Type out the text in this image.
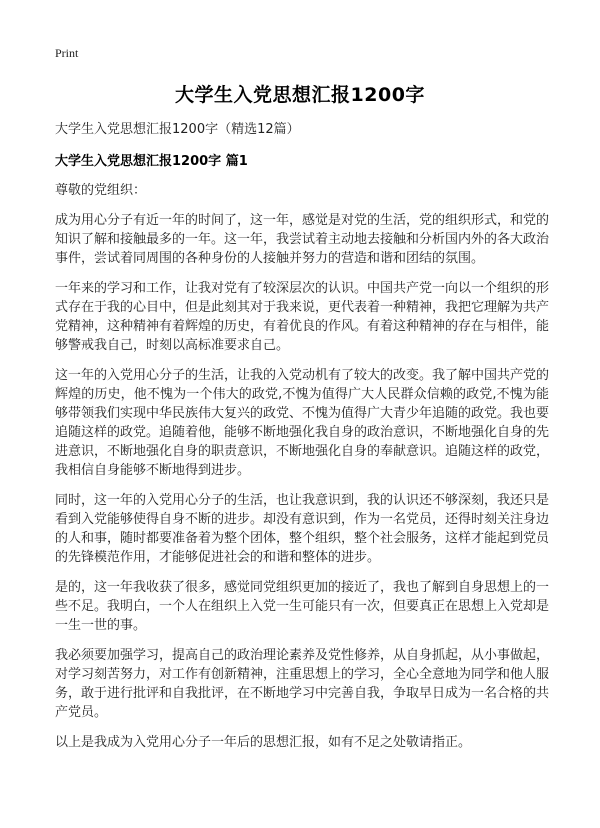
Print
大学生入党思想汇报1200字
大学生入党思想汇报1200字（精选12篇）
大学生入党思想汇报1200字 篇1
尊敬的党组织：

成为用心分子有近一年的时间了，这一年，感觉是对党的生活，党的组织形式，和党的知识了解和接触最多的一年。这一年，我尝试着主动地去接触和分析国内外的各大政治事件，尝试着同周围的各种身份的人接触并努力的营造和谐和团结的氛围。

一年来的学习和工作，让我对党有了较深层次的认识。中国共产党一向以一个组织的形式存在于我的心目中，但是此刻其对于我来说，更代表着一种精神，我把它理解为共产党精神，这种精神有着辉煌的历史，有着优良的作风。有着这种精神的存在与相伴，能够警戒我自己，时刻以高标准要求自己。

这一年的入党用心分子的生活，让我的入党动机有了较大的改变。我了解中国共产党的辉煌的历史，他不愧为一个伟大的政党,不愧为值得广大人民群众信赖的政党,不愧为能够带领我们实现中华民族伟大复兴的政党、不愧为值得广大青少年追随的政党。我也要追随这样的政党。追随着他，能够不断地强化我自身的政治意识，不断地强化自身的先进意识，不断地强化自身的职责意识，不断地强化自身的奉献意识。追随这样的政党，我相信自身能够不断地得到进步。

同时，这一年的入党用心分子的生活，也让我意识到，我的认识还不够深刻，我还只是看到入党能够使得自身不断的进步。却没有意识到，作为一名党员，还得时刻关注身边的人和事，随时都要准备着为整个团体，整个组织，整个社会服务，这样才能起到党员的先锋模范作用，才能够促进社会的和谐和整体的进步。

是的，这一年我收获了很多，感觉同党组织更加的接近了，我也了解到自身思想上的一些不足。我明白，一个人在组织上入党一生可能只有一次，但要真正在思想上入党却是一生一世的事。

我必须要加强学习，提高自己的政治理论素养及党性修养，从自身抓起，从小事做起，对学习刻苦努力，对工作有创新精神，注重思想上的学习，全心全意地为同学和他人服务，敢于进行批评和自我批评，在不断地学习中完善自我，争取早日成为一名合格的共产党员。

以上是我成为入党用心分子一年后的思想汇报，如有不足之处敬请指正。
